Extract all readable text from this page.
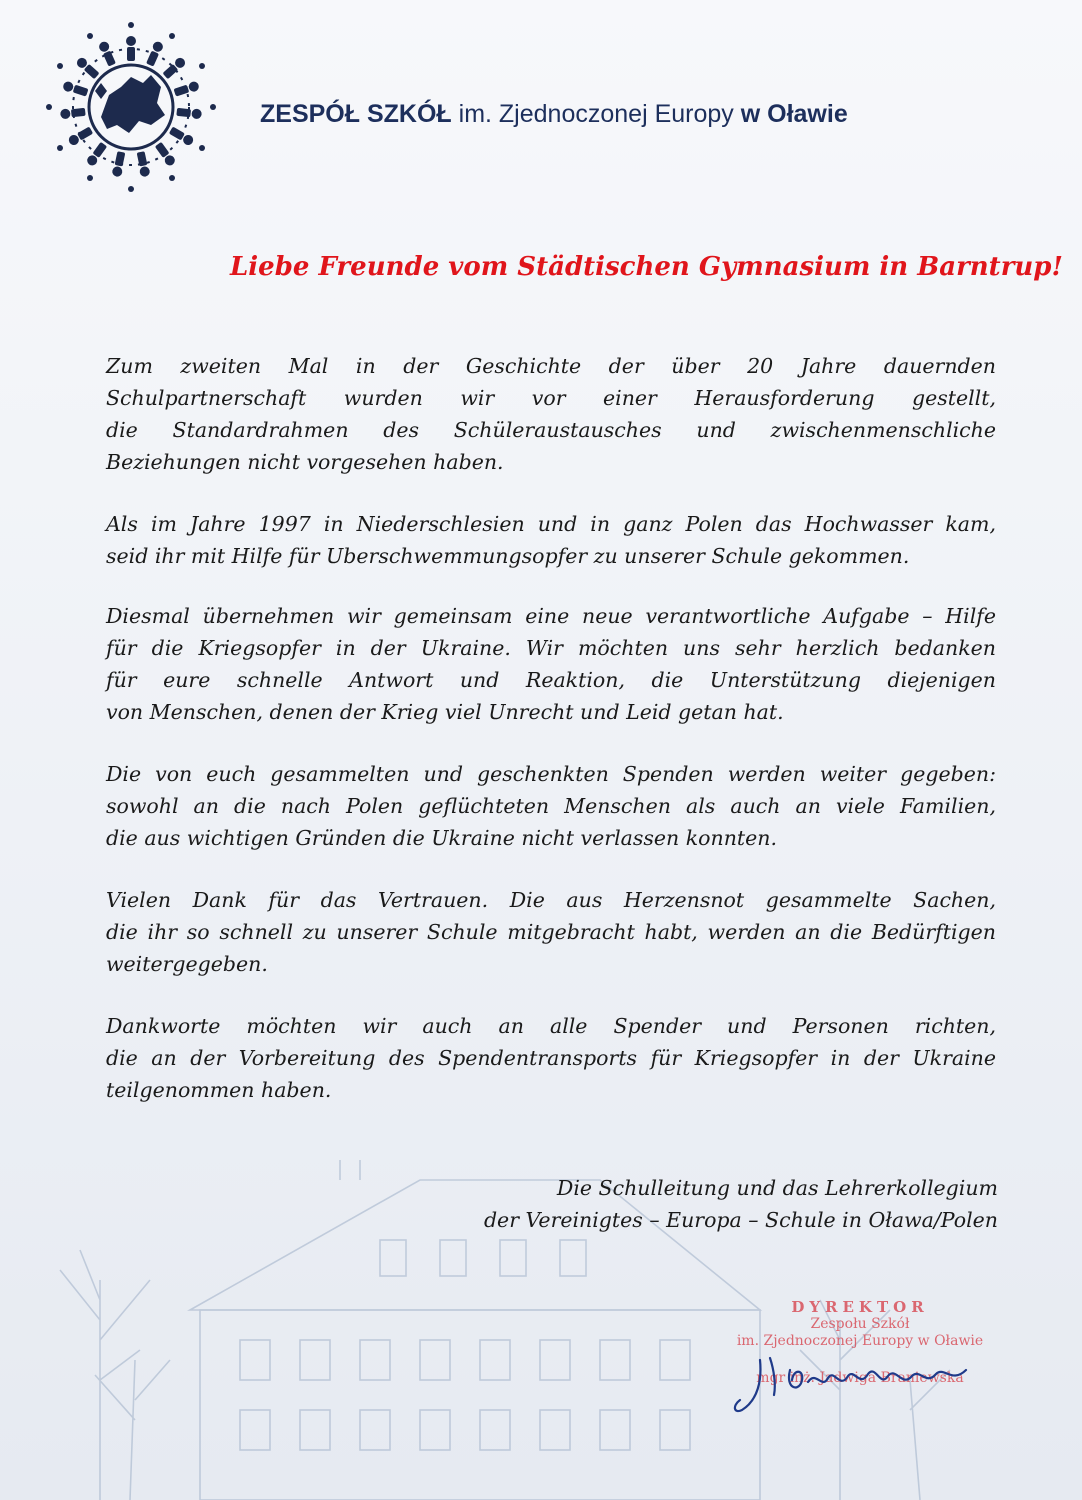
ZESPÓŁ SZKÓŁ im. Zjednoczonej Europy w Oławie
Liebe Freunde vom Städtischen Gymnasium in Barntrup!

Zum zweiten Mal in der Geschichte der über 20 Jahre dauernden
Schulpartnerschaft wurden wir vor einer Herausforderung gestellt,
die Standardrahmen des Schüleraustausches und zwischenmenschliche
Beziehungen nicht vorgesehen haben.

Als im Jahre 1997 in Niederschlesien und in ganz Polen das Hochwasser kam,
seid ihr mit Hilfe für Uberschwemmungsopfer zu unserer Schule gekommen.

Diesmal übernehmen wir gemeinsam eine neue verantwortliche Aufgabe – Hilfe
für die Kriegsopfer in der Ukraine. Wir möchten uns sehr herzlich bedanken
für eure schnelle Antwort und Reaktion, die Unterstützung diejenigen
von Menschen, denen der Krieg viel Unrecht und Leid getan hat.

Die von euch gesammelten und geschenkten Spenden werden weiter gegeben:
sowohl an die nach Polen geflüchteten Menschen als auch an viele Familien,
die aus wichtigen Gründen die Ukraine nicht verlassen konnten.

Vielen Dank für das Vertrauen. Die aus Herzensnot gesammelte Sachen,
die ihr so schnell zu unserer Schule mitgebracht habt, werden an die Bedürftigen
weitergegeben.

Dankworte möchten wir auch an alle Spender und Personen richten,
die an der Vorbereitung des Spendentransports für Kriegsopfer in der Ukraine
teilgenommen haben.

Die Schulleitung und das Lehrerkollegium
der Vereinigtes – Europa – Schule in Oława/Polen
DYREKTOR
Zespołu Szkół
im. Zjednoczonej Europy w Oławie
mgr inż. Jadwiga Braniewska
